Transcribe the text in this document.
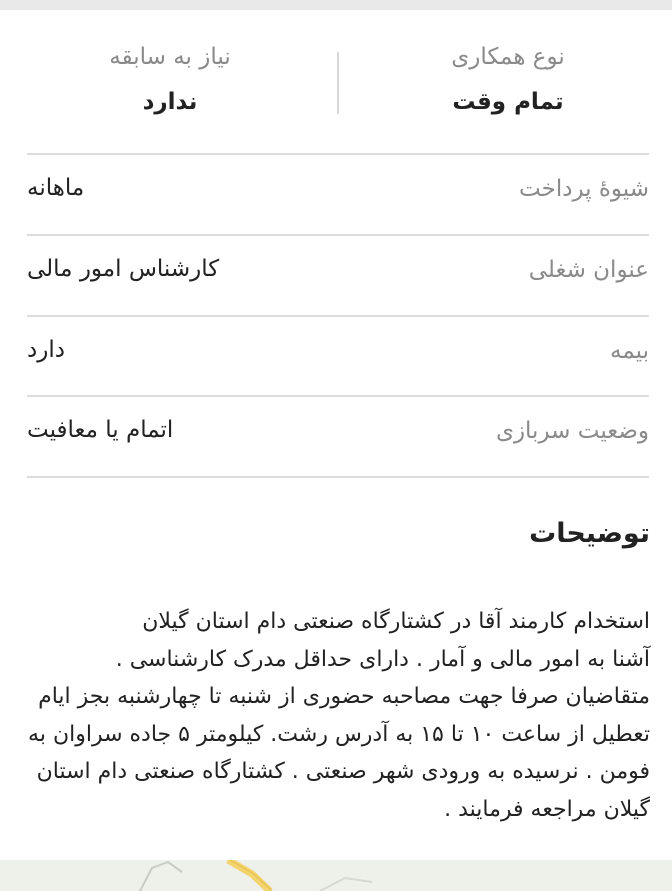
نوع همکاری
تمام وقت
نیاز به سابقه
ندارد
شیوهٔ پرداخت
ماهانه
عنوان شغلی
کارشناس امور مالی
بیمه
دارد
وضعیت سربازی
اتمام یا معافیت
توضیحات
استخدام کارمند آقا در کشتارگاه صنعتی دام استان گیلان
آشنا به امور مالی و آمار . دارای حداقل مدرک کارشناسی .
متقاضیان صرفا جهت مصاحبه حضوری از شنبه تا چهارشنبه بجز ایام
تعطیل از ساعت ۱۰ تا ۱۵ به آدرس رشت. کیلومتر ۵ جاده سراوان به
فومن . نرسیده به ورودی شهر صنعتی . کشتارگاه صنعتی دام استان
گیلان مراجعه فرمایند .
